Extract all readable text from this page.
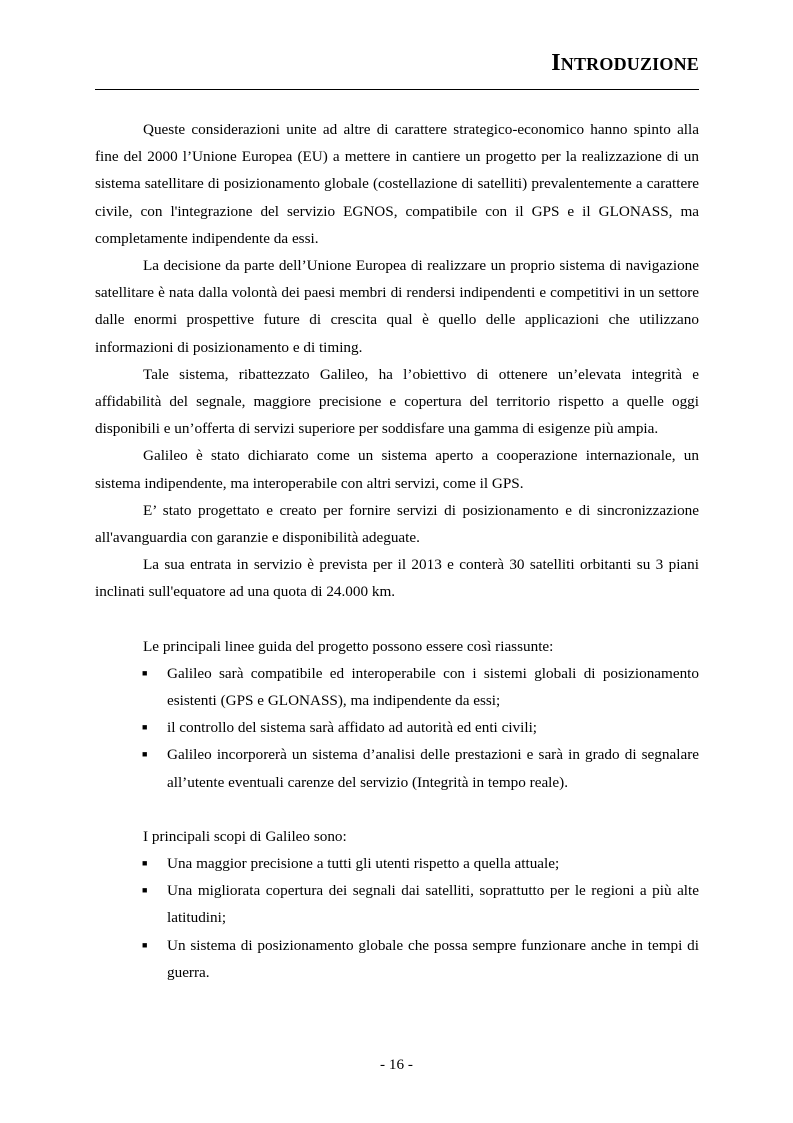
INTRODUZIONE

Queste considerazioni unite ad altre di carattere strategico-economico hanno spinto alla fine del 2000 l’Unione Europea (EU) a mettere in cantiere un progetto per la realizzazione di un sistema satellitare di posizionamento globale (costellazione di satelliti) prevalentemente a carattere civile, con l'integrazione del servizio EGNOS, compatibile con il GPS e il GLONASS, ma completamente indipendente da essi.

La decisione da parte dell’Unione Europea di realizzare un proprio sistema di navigazione satellitare è nata dalla volontà dei paesi membri di rendersi indipendenti e competitivi in un settore dalle enormi prospettive future di crescita qual è quello delle applicazioni che utilizzano informazioni di posizionamento e di timing.

Tale sistema, ribattezzato Galileo, ha l’obiettivo di ottenere un’elevata integrità e affidabilità del segnale, maggiore precisione e copertura del territorio rispetto a quelle oggi disponibili e un’offerta di servizi superiore per soddisfare una gamma di esigenze più ampia.

Galileo è stato dichiarato come un sistema aperto a cooperazione internazionale, un sistema indipendente, ma interoperabile con altri servizi, come il GPS.

E’ stato progettato e creato per fornire servizi di posizionamento e di sincronizzazione all'avanguardia con garanzie e disponibilità adeguate.

La sua entrata in servizio è prevista per il 2013 e conterà 30 satelliti orbitanti su 3 piani inclinati sull'equatore ad una quota di 24.000 km.

Le principali linee guida del progetto possono essere così riassunte:

■ Galileo sarà compatibile ed interoperabile con i sistemi globali di posizionamento esistenti (GPS e GLONASS), ma indipendente da essi;
■ il controllo del sistema sarà affidato ad autorità ed enti civili;
■ Galileo incorporerà un sistema d’analisi delle prestazioni e sarà in grado di segnalare all’utente eventuali carenze del servizio (Integrità in tempo reale).

I principali scopi di Galileo sono:

■ Una maggior precisione a tutti gli utenti rispetto a quella attuale;
■ Una migliorata copertura dei segnali dai satelliti, soprattutto per le regioni a più alte latitudini;
■ Un sistema di posizionamento globale che possa sempre funzionare anche in tempi di guerra.
- 16 -
